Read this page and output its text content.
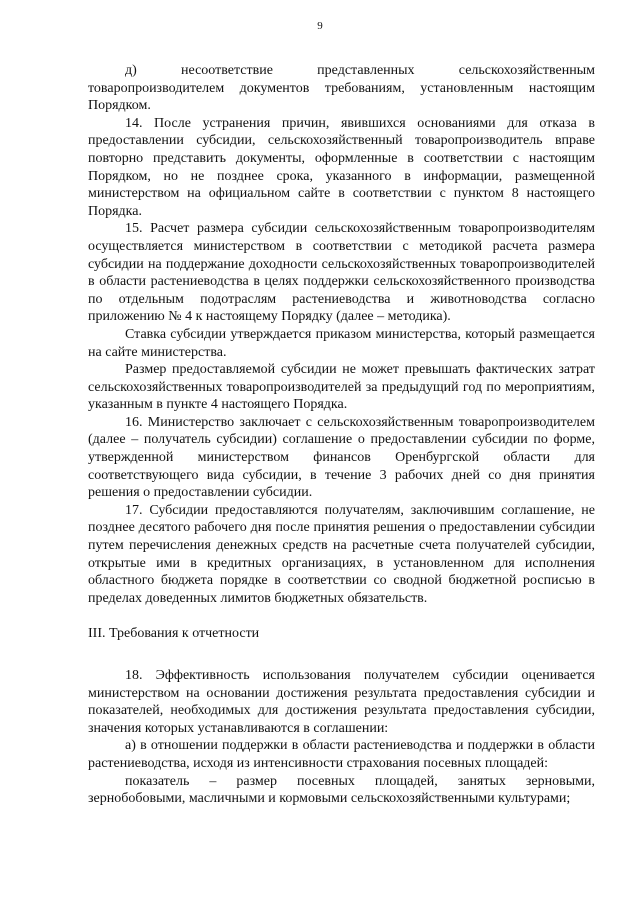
9

д) несоответствие представленных сельскохозяйственным товаропроизводителем документов требованиям, установленным настоящим Порядком.

14. После устранения причин, явившихся основаниями для отказа в предоставлении субсидии, сельскохозяйственный товаропроизводитель вправе повторно представить документы, оформленные в соответствии с настоящим Порядком, но не позднее срока, указанного в информации, размещенной министерством на официальном сайте в соответствии с пунктом 8 настоящего Порядка.

15. Расчет размера субсидии сельскохозяйственным товаропроизводителям осуществляется министерством в соответствии с методикой расчета размера субсидии на поддержание доходности сельскохозяйственных товаропроизводителей в области растениеводства в целях поддержки сельскохозяйственного производства по отдельным подотраслям растениеводства и животноводства согласно приложению № 4 к настоящему Порядку (далее – методика).

Ставка субсидии утверждается приказом министерства, который размещается на сайте министерства.

Размер предоставляемой субсидии не может превышать фактических затрат сельскохозяйственных товаропроизводителей за предыдущий год по мероприятиям, указанным в пункте 4 настоящего Порядка.

16. Министерство заключает с сельскохозяйственным товаропроизводителем (далее – получатель субсидии) соглашение о предоставлении субсидии по форме, утвержденной министерством финансов Оренбургской области для соответствующего вида субсидии, в течение 3 рабочих дней со дня принятия решения о предоставлении субсидии.

17. Субсидии предоставляются получателям, заключившим соглашение, не позднее десятого рабочего дня после принятия решения о предоставлении субсидии путем перечисления денежных средств на расчетные счета получателей субсидии, открытые ими в кредитных организациях, в установленном для исполнения областного бюджета порядке в соответствии со сводной бюджетной росписью в пределах доведенных лимитов бюджетных обязательств.

III. Требования к отчетности

18. Эффективность использования получателем субсидии оценивается министерством на основании достижения результата предоставления субсидии и показателей, необходимых для достижения результата предоставления субсидии, значения которых устанавливаются в соглашении:

а) в отношении поддержки в области растениеводства и поддержки в области растениеводства, исходя из интенсивности страхования посевных площадей:

показатель – размер посевных площадей, занятых зерновыми, зернобобовыми, масличными и кормовыми сельскохозяйственными культурами;
